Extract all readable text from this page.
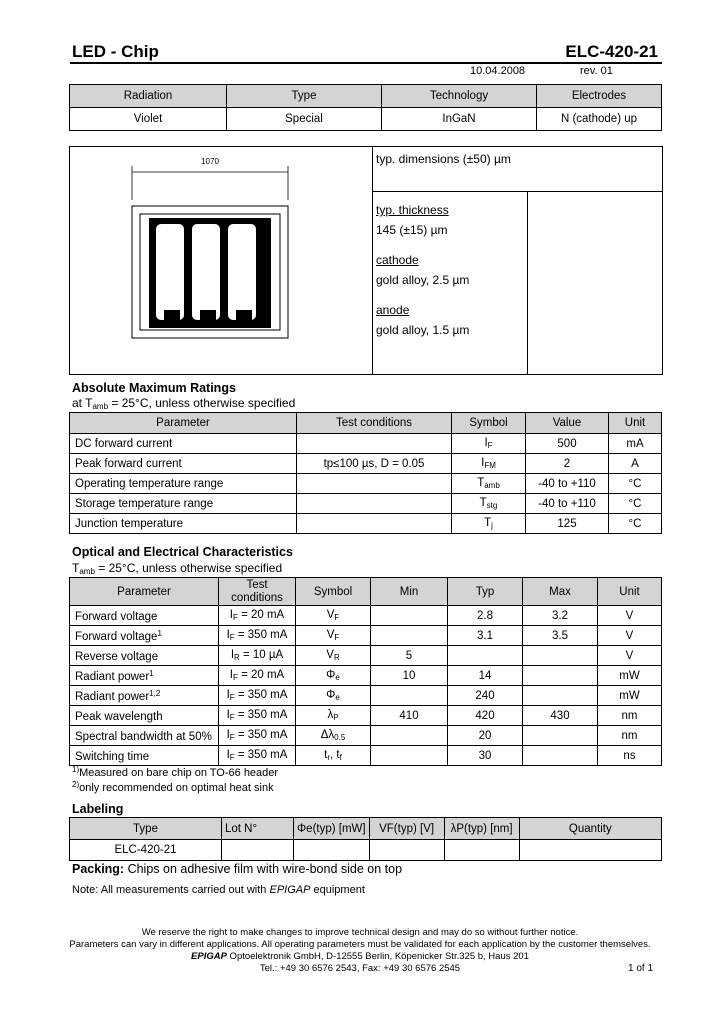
LED - Chip	ELC-420-21
10.04.2008	rev. 01
Radiation	Type	Technology	Electrodes
Violet	Special	InGaN	N (cathode) up
1070	typ. dimensions (±50) µm
typ. thickness
145 (±15) µm
cathode
gold alloy, 2.5 µm
anode
gold alloy, 1.5 µm
Absolute Maximum Ratings
at $T_{amb} = 25^\circ C$, unless otherwise specified
Parameter	Test conditions	Symbol	Value	Unit
DC forward current		$I_F$	500	mA
Peak forward current	tp≤100 µs, D = 0.05	$I_{FM}$	2	A
Operating temperature range		$T_{amb}$	-40 to +110	°C
Storage temperature range		$T_{stg}$	-40 to +110	°C
Junction temperature		$T_j$	125	°C
Optical and Electrical Characteristics
$T_{amb} = 25^\circ C$, unless otherwise specified
Parameter	Test conditions	Symbol	Min	Typ	Max	Unit
Forward voltage	$I_F = 20$ mA	$V_F$		2.8	3.2	V
Forward voltage$^1$	$I_F = 350$ mA	$V_F$		3.1	3.5	V
Reverse voltage	$I_R = 10$ µA	$V_R$	5			V
Radiant power$^1$	$I_F = 20$ mA	$\Phi_e$	10	14		mW
Radiant power$^{1,2}$	$I_F = 350$ mA	$\Phi_e$		240		mW
Peak wavelength	$I_F = 350$ mA	$\lambda_P$	410	420	430	nm
Spectral bandwidth at 50%	$I_F = 350$ mA	$\Delta\lambda_{0.5}$		20		nm
Switching time	$I_F = 350$ mA	$t_r$, $t_f$		30		ns
$^{1)}$Measured on bare chip on TO-66 header
$^{2)}$only recommended on optimal heat sink
Labeling
Type	Lot N°	Φe(typ) [mW]	VF(typ) [V]	λP(typ) [nm]	Quantity
ELC-420-21					
Packing: Chips on adhesive film with wire-bond side on top
Note: All measurements carried out with EPIGAP equipment
We reserve the right to make changes to improve technical design and may do so without further notice.
Parameters can vary in different applications. All operating parameters must be validated for each application by the customer themselves.
EPIGAP Optoelektronik GmbH, D-12555 Berlin, Köpenicker Str.325 b, Haus 201
Tel.: +49 30 6576 2543, Fax: +49 30 6576 2545	1 of 1
